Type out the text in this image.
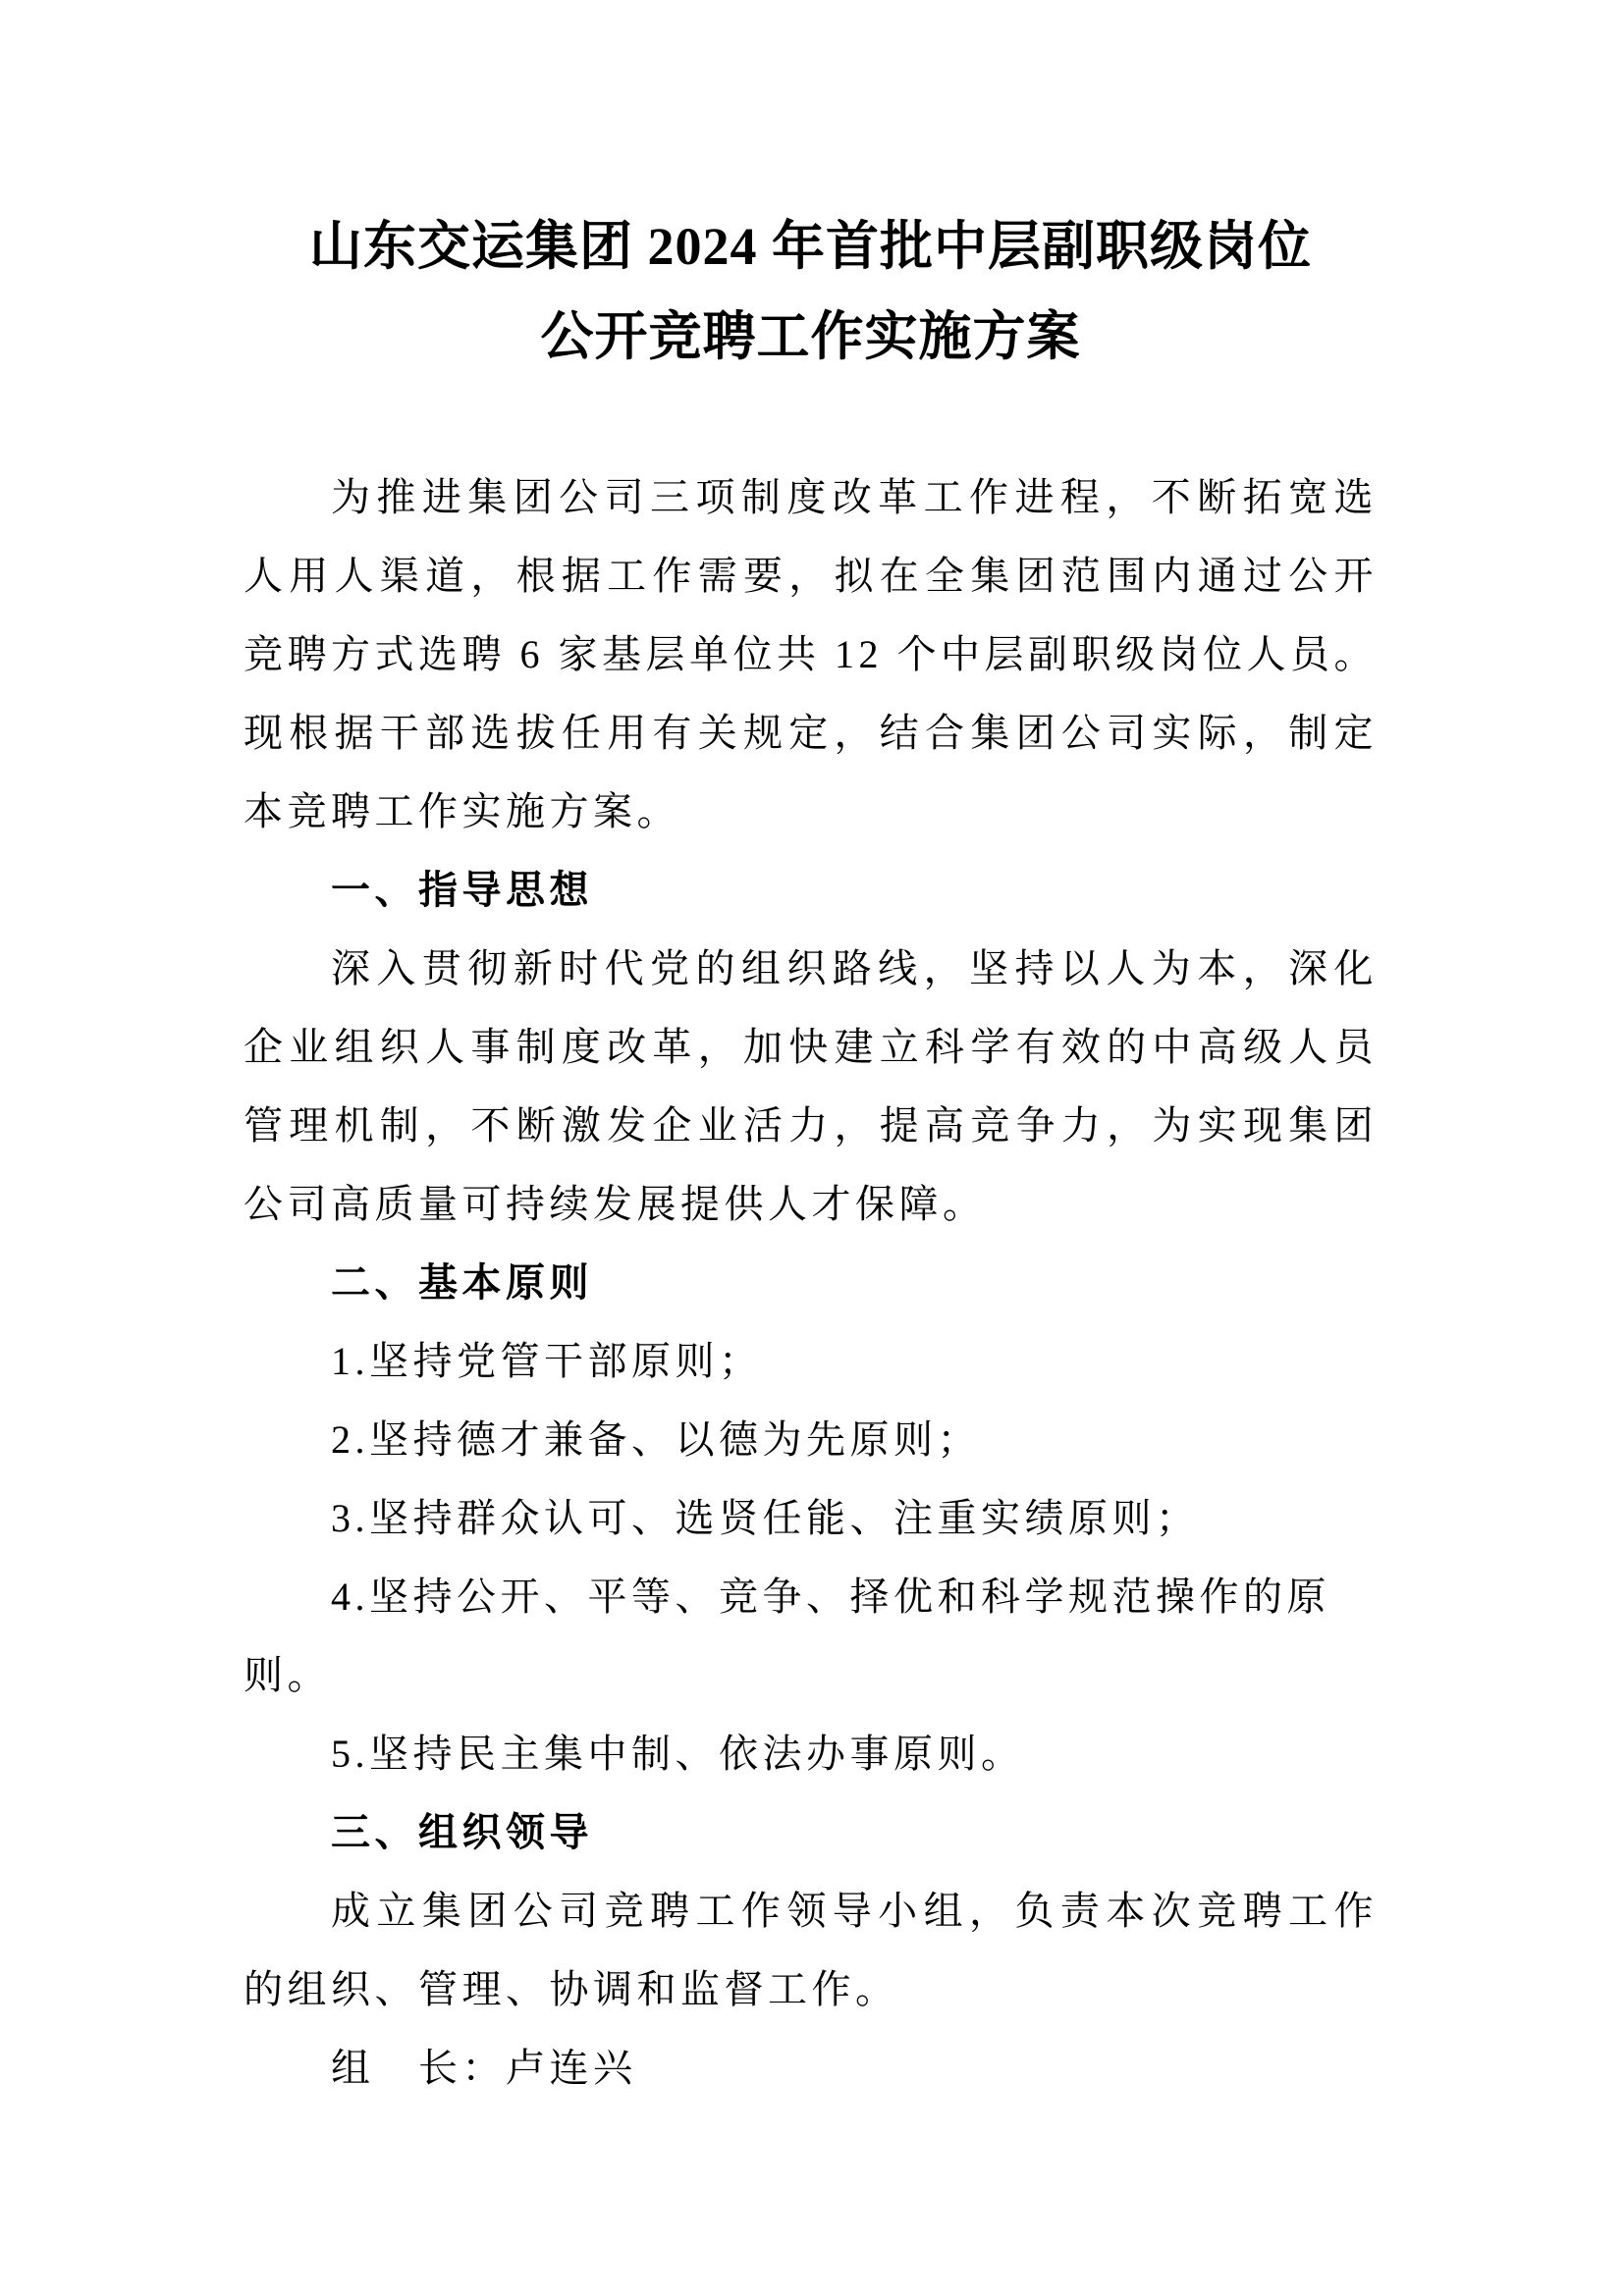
山东交运集团 2024 年首批中层副职级岗位
公开竞聘工作实施方案
为推进集团公司三项制度改革工作进程，不断拓宽选人用人渠道，根据工作需要，拟在全集团范围内通过公开竞聘方式选聘 6 家基层单位共 12 个中层副职级岗位人员。现根据干部选拔任用有关规定，结合集团公司实际，制定本竞聘工作实施方案。
一、指导思想
深入贯彻新时代党的组织路线，坚持以人为本，深化企业组织人事制度改革，加快建立科学有效的中高级人员管理机制，不断激发企业活力，提高竞争力，为实现集团公司高质量可持续发展提供人才保障。
二、基本原则
1.坚持党管干部原则；
2.坚持德才兼备、以德为先原则；
3.坚持群众认可、选贤任能、注重实绩原则；
4.坚持公开、平等、竞争、择优和科学规范操作的原则。
5.坚持民主集中制、依法办事原则。
三、组织领导
成立集团公司竞聘工作领导小组，负责本次竞聘工作的组织、管理、协调和监督工作。
组　长：卢连兴
